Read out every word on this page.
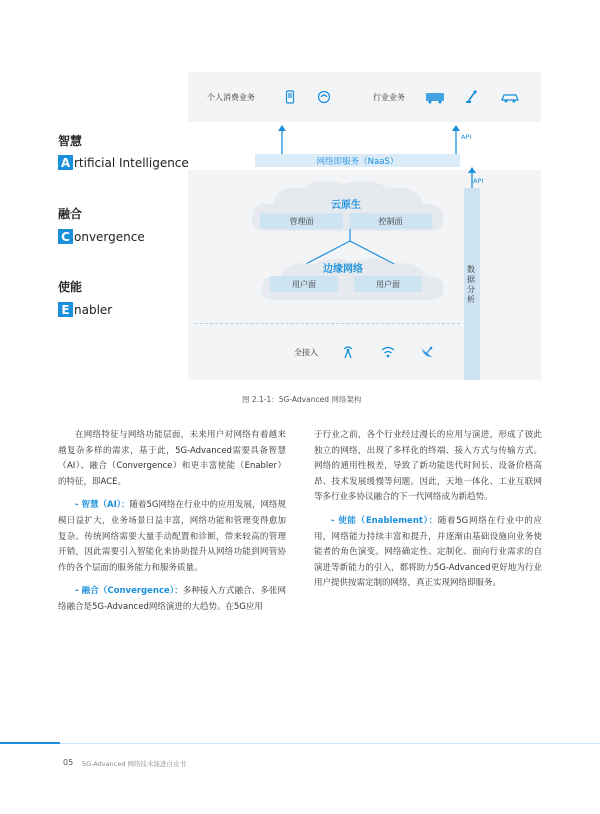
智慧
A rtificial Intelligence
融合
C onvergence
使能
E nabler
个人消费业务	行业业务
API
网络即服务（NaaS）
云原生
管理面	控制面
边缘网络
用户面	用户面
数据分析
API
全接入
图 2.1-1：5G-Advanced 网络架构

在网络特征与网络功能层面，未来用户对网络有着越来越复杂多样的需求，基于此，5G-Advanced需要具备智慧（AI）、融合（Convergence）和更丰富使能（Enabler）的特征，即ACE。

- 智慧（AI）：随着5G网络在行业中的应用发展，网络规模日益扩大，业务场景日益丰富，网络功能和管理变得愈加复杂。传统网络需要大量手动配置和诊断，带来较高的管理开销，因此需要引入智能化来协助提升从网络功能到网管协作的各个层面的服务能力和服务质量。

- 融合（Convergence）：多种接入方式融合、多张网络融合是5G-Advanced网络演进的大趋势。在5G应用

于行业之前，各个行业经过漫长的应用与演进，形成了彼此独立的网络，出现了多样化的终端、接入方式与传输方式。网络的通用性极差，导致了新功能迭代时间长、设备价格高昂、技术发展缓慢等问题。因此，天地一体化、工业互联网等多行业多协议融合的下一代网络成为新趋势。

- 使能（Enablement）：随着5G网络在行业中的应用，网络能力持续丰富和提升，并逐渐由基础设施向业务使能者的角色演变。网络确定性、定制化、面向行业需求的自演进等新能力的引入，都将助力5G-Advanced更好地为行业用户提供按需定制的网络，真正实现网络即服务。

05 5G-Advanced 网络技术演进白皮书
